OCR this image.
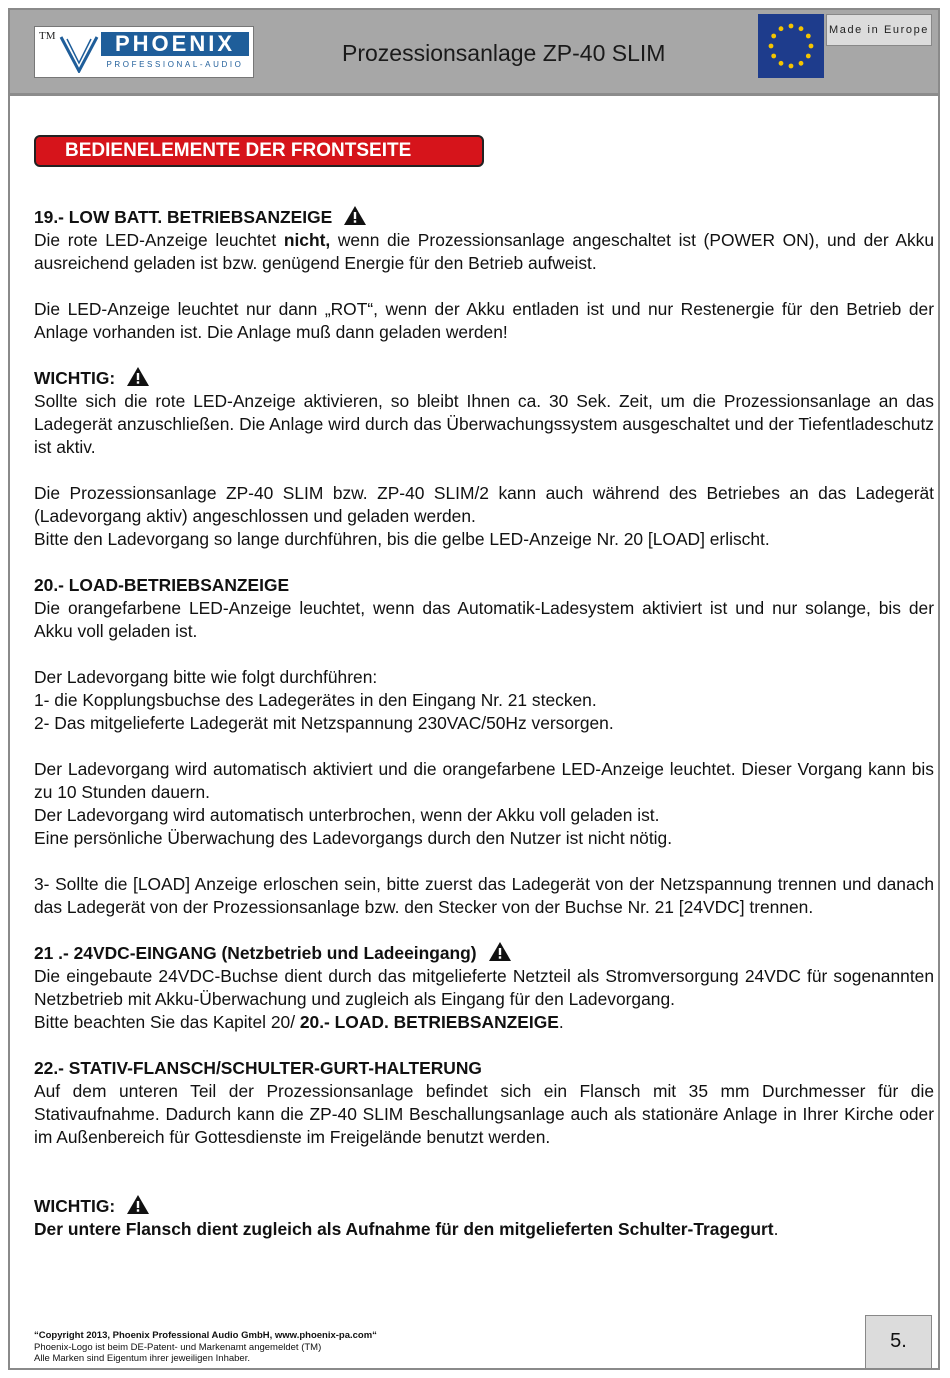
TM	PHOENIX
PROFESSIONAL-AUDIO	Prozessionsanlage ZP-40 SLIM
Made in Europe
BEDIENELEMENTE DER FRONTSEITE

19.- LOW BATT. BETRIEBSANZEIGE

Die rote LED-Anzeige leuchtet nicht, wenn die Prozessionsanlage angeschaltet ist (POWER ON), und der Akku ausreichend geladen ist bzw. genügend Energie für den Betrieb aufweist.

Die LED-Anzeige leuchtet nur dann „ROT“, wenn der Akku entladen ist und nur Restenergie für den Betrieb der Anlage vorhanden ist. Die Anlage muß dann geladen werden!

WICHTIG:

Sollte sich die rote LED-Anzeige aktivieren, so bleibt Ihnen ca. 30 Sek. Zeit, um die Prozessionsanlage an das Ladegerät anzuschließen. Die Anlage wird durch das Überwachungssystem ausgeschaltet und der Tiefentladeschutz ist aktiv.

Die Prozessionsanlage ZP-40 SLIM bzw. ZP-40 SLIM/2 kann auch während des Betriebes an das Ladegerät (Ladevorgang aktiv) angeschlossen und geladen werden.

Bitte den Ladevorgang so lange durchführen, bis die gelbe LED-Anzeige Nr. 20 [LOAD] erlischt.

20.- LOAD-BETRIEBSANZEIGE

Die orangefarbene LED-Anzeige leuchtet, wenn das Automatik-Ladesystem aktiviert ist und nur solange, bis der Akku voll geladen ist.

Der Ladevorgang bitte wie folgt durchführen:

1- die Kopplungsbuchse des Ladegerätes in den Eingang Nr. 21 stecken.

2- Das mitgelieferte Ladegerät mit Netzspannung 230VAC/50Hz versorgen.

Der Ladevorgang wird automatisch aktiviert und die orangefarbene LED-Anzeige leuchtet. Dieser Vorgang kann bis zu 10 Stunden dauern.

Der Ladevorgang wird automatisch unterbrochen, wenn der Akku voll geladen ist.

Eine persönliche Überwachung des Ladevorgangs durch den Nutzer ist nicht nötig.

3- Sollte die [LOAD] Anzeige erloschen sein, bitte zuerst das Ladegerät von der Netzspannung trennen und danach das Ladegerät von der Prozessionsanlage bzw. den Stecker von der Buchse Nr. 21 [24VDC] trennen.

21 .- 24VDC-EINGANG (Netzbetrieb und Ladeeingang)

Die eingebaute 24VDC-Buchse dient durch das mitgelieferte Netzteil als Stromversorgung 24VDC für sogenannten Netzbetrieb mit Akku-Überwachung und zugleich als Eingang für den Ladevorgang.

Bitte beachten Sie das Kapitel 20/ 20.- LOAD. BETRIEBSANZEIGE.

22.- STATIV-FLANSCH/SCHULTER-GURT-HALTERUNG

Auf dem unteren Teil der Prozessionsanlage befindet sich ein Flansch mit 35 mm Durchmesser für die Stativaufnahme. Dadurch kann die ZP-40 SLIM Beschallungsanlage auch als stationäre Anlage in Ihrer Kirche oder im Außenbereich für Gottesdienste im Freigelände benutzt werden.

WICHTIG:

Der untere Flansch dient zugleich als Aufnahme für den mitgelieferten Schulter-Tragegurt.

“Copyright 2013, Phoenix Professional Audio GmbH, www.phoenix-pa.com“
Phoenix-Logo ist beim DE-Patent- und Markenamt angemeldet (TM)
Alle Marken sind Eigentum ihrer jeweiligen Inhaber.
5.
